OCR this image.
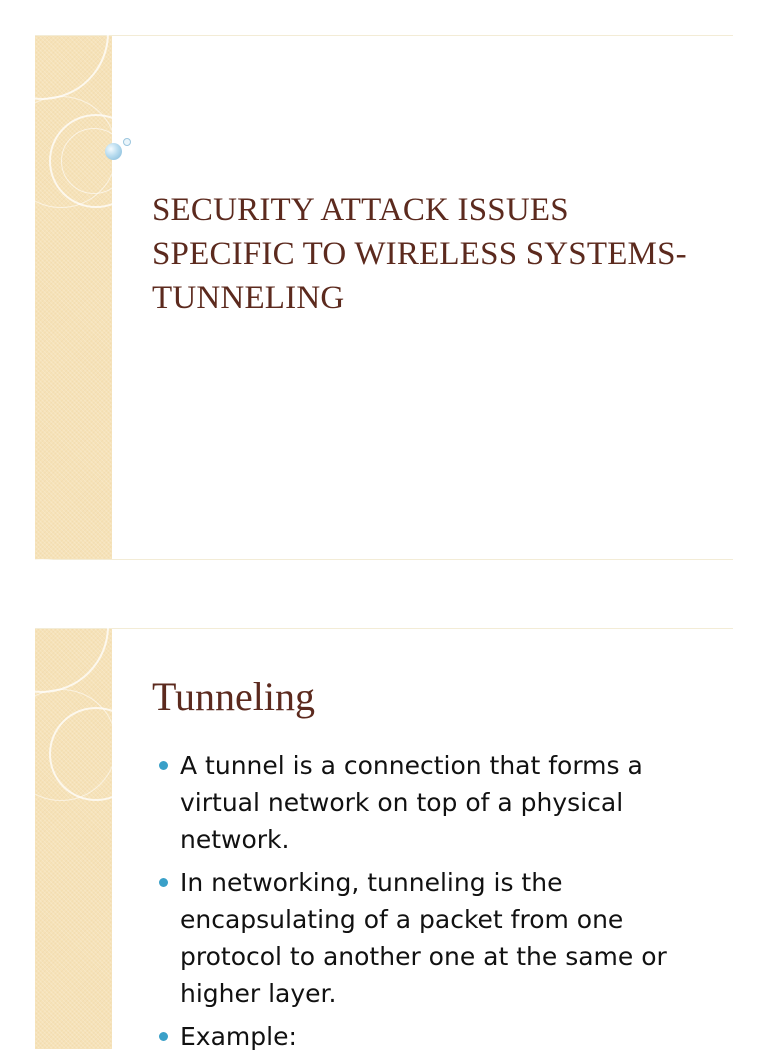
SECURITY ATTACK ISSUES SPECIFIC TO WIRELESS SYSTEMS-TUNNELING
Tunneling
A tunnel is a connection that forms a virtual network on top of a physical network.
In networking, tunneling is the encapsulating of a packet from one protocol to another one at the same or higher layer.
Example:
